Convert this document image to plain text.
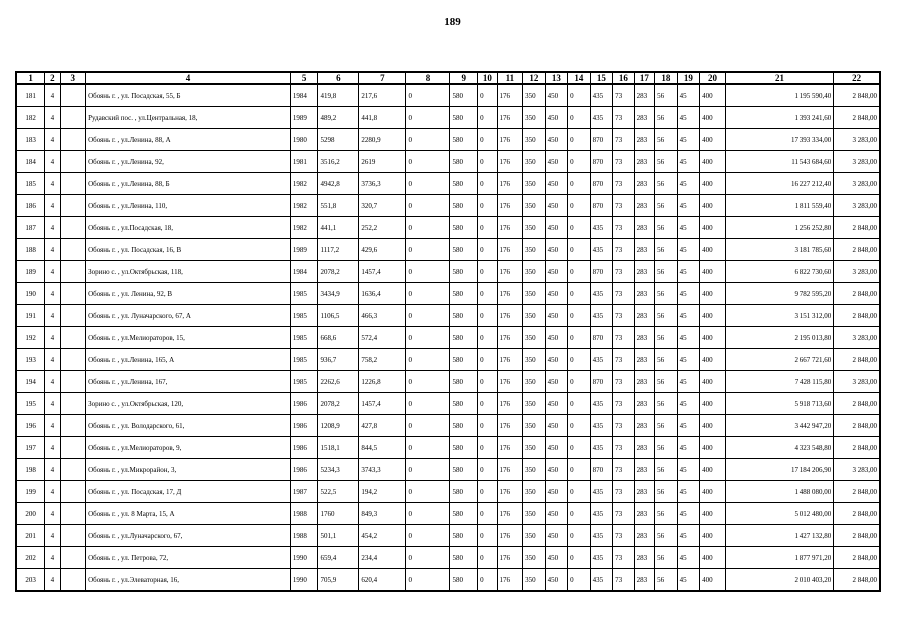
189
1	2	3	4	5	6	7	8	9	10	11	12	13	14	15	16	17	18	19	20	21	22
181	4		Обоянь г. , ул. Посадская, 55, Б	1984	419,8	217,6	0	580	0	176	350	450	0	435	73	283	56	45	400	1 195 590,40	2 848,00
182	4		Рудавский пос. , ул.Центральная, 18,	1989	489,2	441,8	0	580	0	176	350	450	0	435	73	283	56	45	400	1 393 241,60	2 848,00
183	4		Обоянь г. , ул.Ленина, 88, А	1980	5298	2280,9	0	580	0	176	350	450	0	870	73	283	56	45	400	17 393 334,00	3 283,00
184	4		Обоянь г. , ул.Ленина, 92,	1981	3516,2	2619	0	580	0	176	350	450	0	870	73	283	56	45	400	11 543 684,60	3 283,00
185	4		Обоянь г. , ул.Ленина, 88, Б	1982	4942,8	3736,3	0	580	0	176	350	450	0	870	73	283	56	45	400	16 227 212,40	3 283,00
186	4		Обоянь г. , ул.Ленина, 110,	1982	551,8	320,7	0	580	0	176	350	450	0	870	73	283	56	45	400	1 811 559,40	3 283,00
187	4		Обоянь г. , ул.Посадская, 18,	1982	441,1	252,2	0	580	0	176	350	450	0	435	73	283	56	45	400	1 256 252,80	2 848,00
188	4		Обоянь г. , ул. Посадская, 16, В	1989	1117,2	429,6	0	580	0	176	350	450	0	435	73	283	56	45	400	3 181 785,60	2 848,00
189	4		Зорино с. , ул.Октябрьская, 118,	1984	2078,2	1457,4	0	580	0	176	350	450	0	870	73	283	56	45	400	6 822 730,60	3 283,00
190	4		Обоянь г. , ул. Ленина, 92, В	1985	3434,9	1636,4	0	580	0	176	350	450	0	435	73	283	56	45	400	9 782 595,20	2 848,00
191	4		Обоянь г. , ул. Луначарского, 67, А	1985	1106,5	466,3	0	580	0	176	350	450	0	435	73	283	56	45	400	3 151 312,00	2 848,00
192	4		Обоянь г. , ул.Мелиораторов, 15,	1985	668,6	572,4	0	580	0	176	350	450	0	870	73	283	56	45	400	2 195 013,80	3 283,00
193	4		Обоянь г. , ул.Ленина, 165, А	1985	936,7	758,2	0	580	0	176	350	450	0	435	73	283	56	45	400	2 667 721,60	2 848,00
194	4		Обоянь г. , ул.Ленина, 167,	1985	2262,6	1226,8	0	580	0	176	350	450	0	870	73	283	56	45	400	7 428 115,80	3 283,00
195	4		Зорино с. , ул.Октябрьская, 120,	1986	2078,2	1457,4	0	580	0	176	350	450	0	435	73	283	56	45	400	5 918 713,60	2 848,00
196	4		Обоянь г. , ул. Володарского, 61,	1986	1208,9	427,8	0	580	0	176	350	450	0	435	73	283	56	45	400	3 442 947,20	2 848,00
197	4		Обоянь г. , ул.Мелиораторов, 9,	1986	1518,1	844,5	0	580	0	176	350	450	0	435	73	283	56	45	400	4 323 548,80	2 848,00
198	4		Обоянь г. , ул.Микрорайон, 3,	1986	5234,3	3743,3	0	580	0	176	350	450	0	870	73	283	56	45	400	17 184 206,90	3 283,00
199	4		Обоянь г. , ул. Посадская, 17, Д	1987	522,5	194,2	0	580	0	176	350	450	0	435	73	283	56	45	400	1 488 080,00	2 848,00
200	4		Обоянь г. , ул. 8 Марта, 15, А	1988	1760	849,3	0	580	0	176	350	450	0	435	73	283	56	45	400	5 012 480,00	2 848,00
201	4		Обоянь г. , ул.Луначарского, 67,	1988	501,1	454,2	0	580	0	176	350	450	0	435	73	283	56	45	400	1 427 132,80	2 848,00
202	4		Обоянь г. , ул. Петрова, 72,	1990	659,4	234,4	0	580	0	176	350	450	0	435	73	283	56	45	400	1 877 971,20	2 848,00
203	4		Обоянь г. , ул.Элеваторная, 16,	1990	705,9	620,4	0	580	0	176	350	450	0	435	73	283	56	45	400	2 010 403,20	2 848,00
